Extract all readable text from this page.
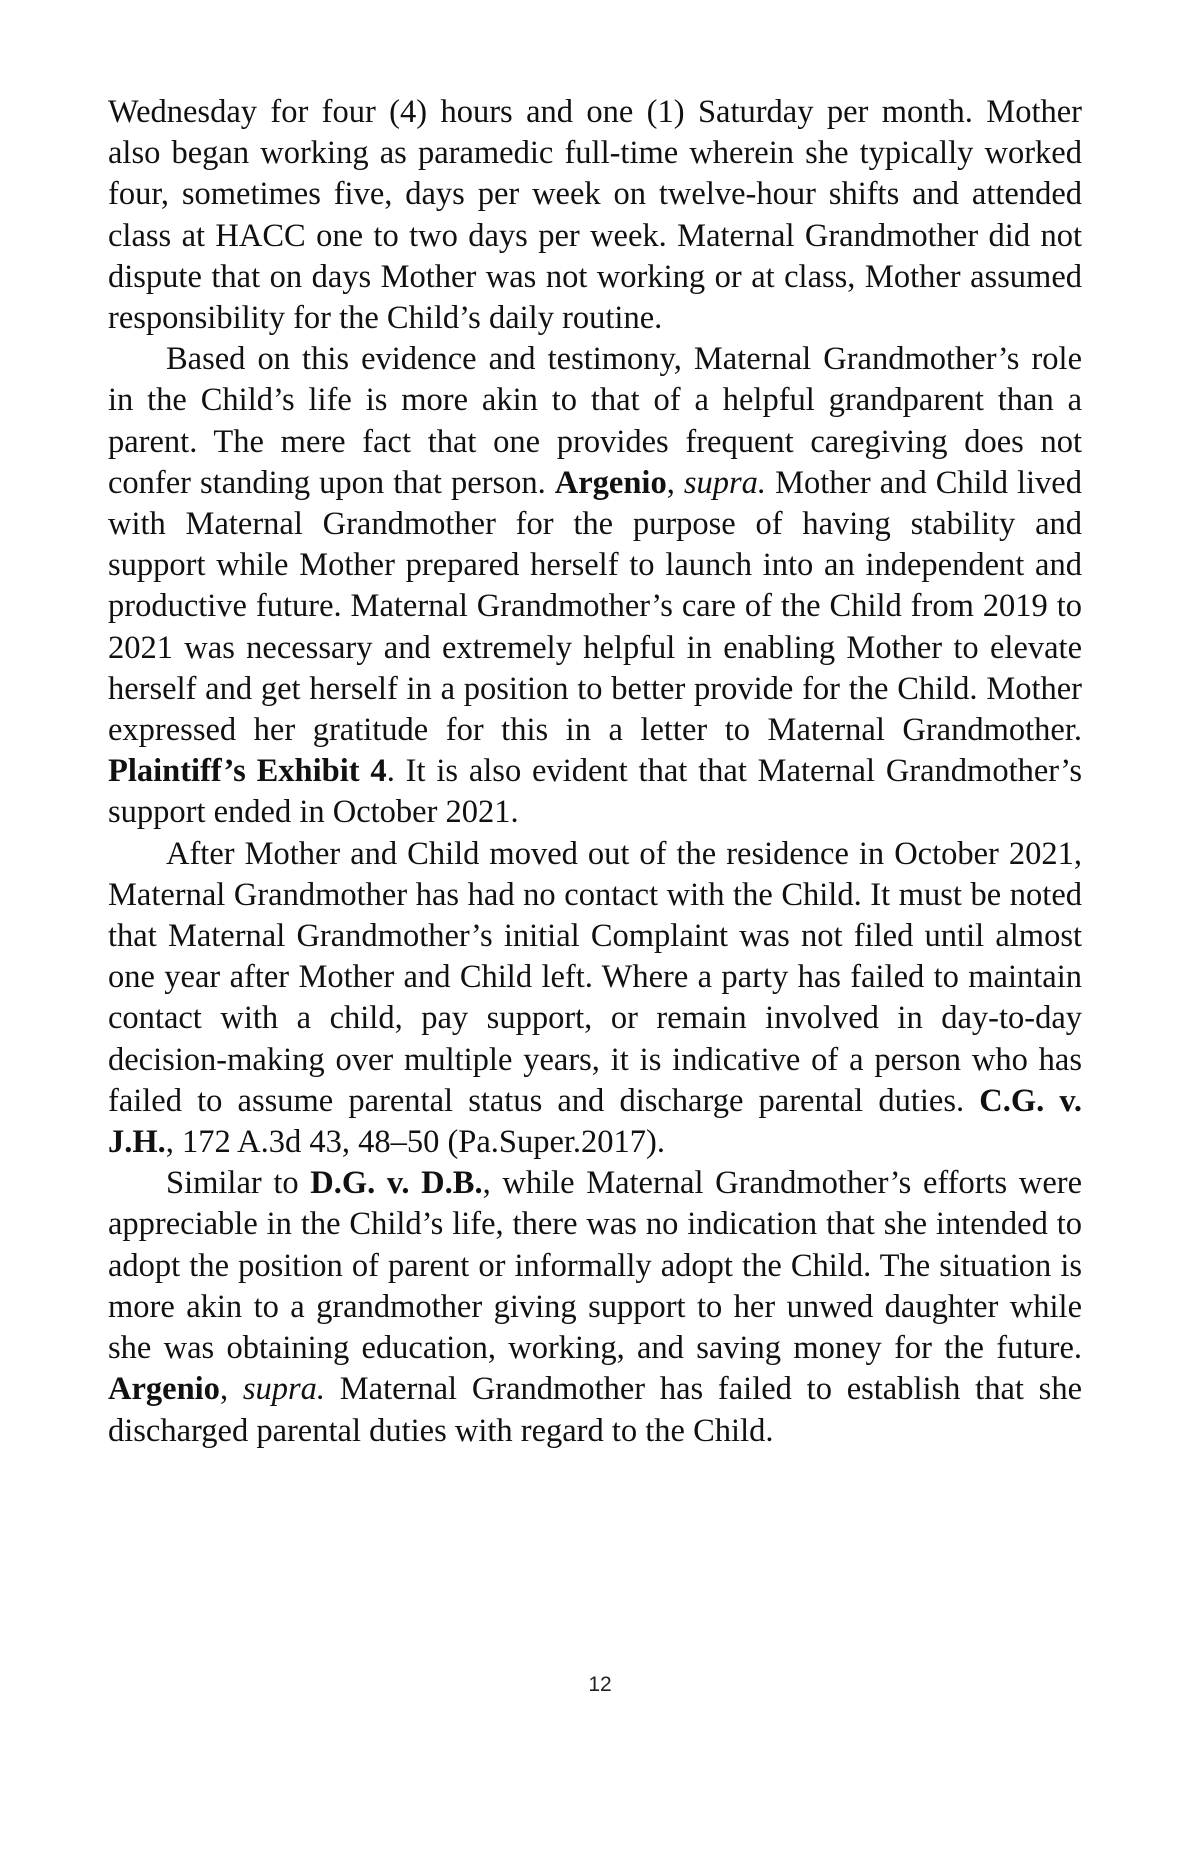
Wednesday for four (4) hours and one (1) Saturday per month. Mother also began working as paramedic full-time wherein she typically worked four, sometimes five, days per week on twelve-hour shifts and attended class at HACC one to two days per week. Maternal Grandmother did not dispute that on days Mother was not working or at class, Mother assumed responsibility for the Child’s daily routine.

Based on this evidence and testimony, Maternal Grandmother’s role in the Child’s life is more akin to that of a helpful grandparent than a parent. The mere fact that one provides frequent caregiving does not confer standing upon that person. Argenio, supra. Mother and Child lived with Maternal Grandmother for the purpose of having stability and support while Mother prepared herself to launch into an independent and productive future. Maternal Grandmother’s care of the Child from 2019 to 2021 was necessary and extremely helpful in enabling Mother to elevate herself and get herself in a position to better provide for the Child. Mother expressed her gratitude for this in a letter to Maternal Grandmother. Plaintiff’s Exhibit 4. It is also evident that that Maternal Grandmother’s support ended in October 2021.

After Mother and Child moved out of the residence in October 2021, Maternal Grandmother has had no contact with the Child. It must be noted that Maternal Grandmother’s initial Complaint was not filed until almost one year after Mother and Child left. Where a party has failed to maintain contact with a child, pay support, or remain involved in day-to-day decision-making over multiple years, it is indicative of a person who has failed to assume parental status and discharge parental duties. C.G. v. J.H., 172 A.3d 43, 48–50 (Pa.Super.2017).

Similar to D.G. v. D.B., while Maternal Grandmother’s efforts were appreciable in the Child’s life, there was no indication that she intended to adopt the position of parent or informally adopt the Child. The situation is more akin to a grandmother giving support to her unwed daughter while she was obtaining education, working, and saving money for the future. Argenio, supra. Maternal Grandmother has failed to establish that she discharged parental duties with regard to the Child.

12
